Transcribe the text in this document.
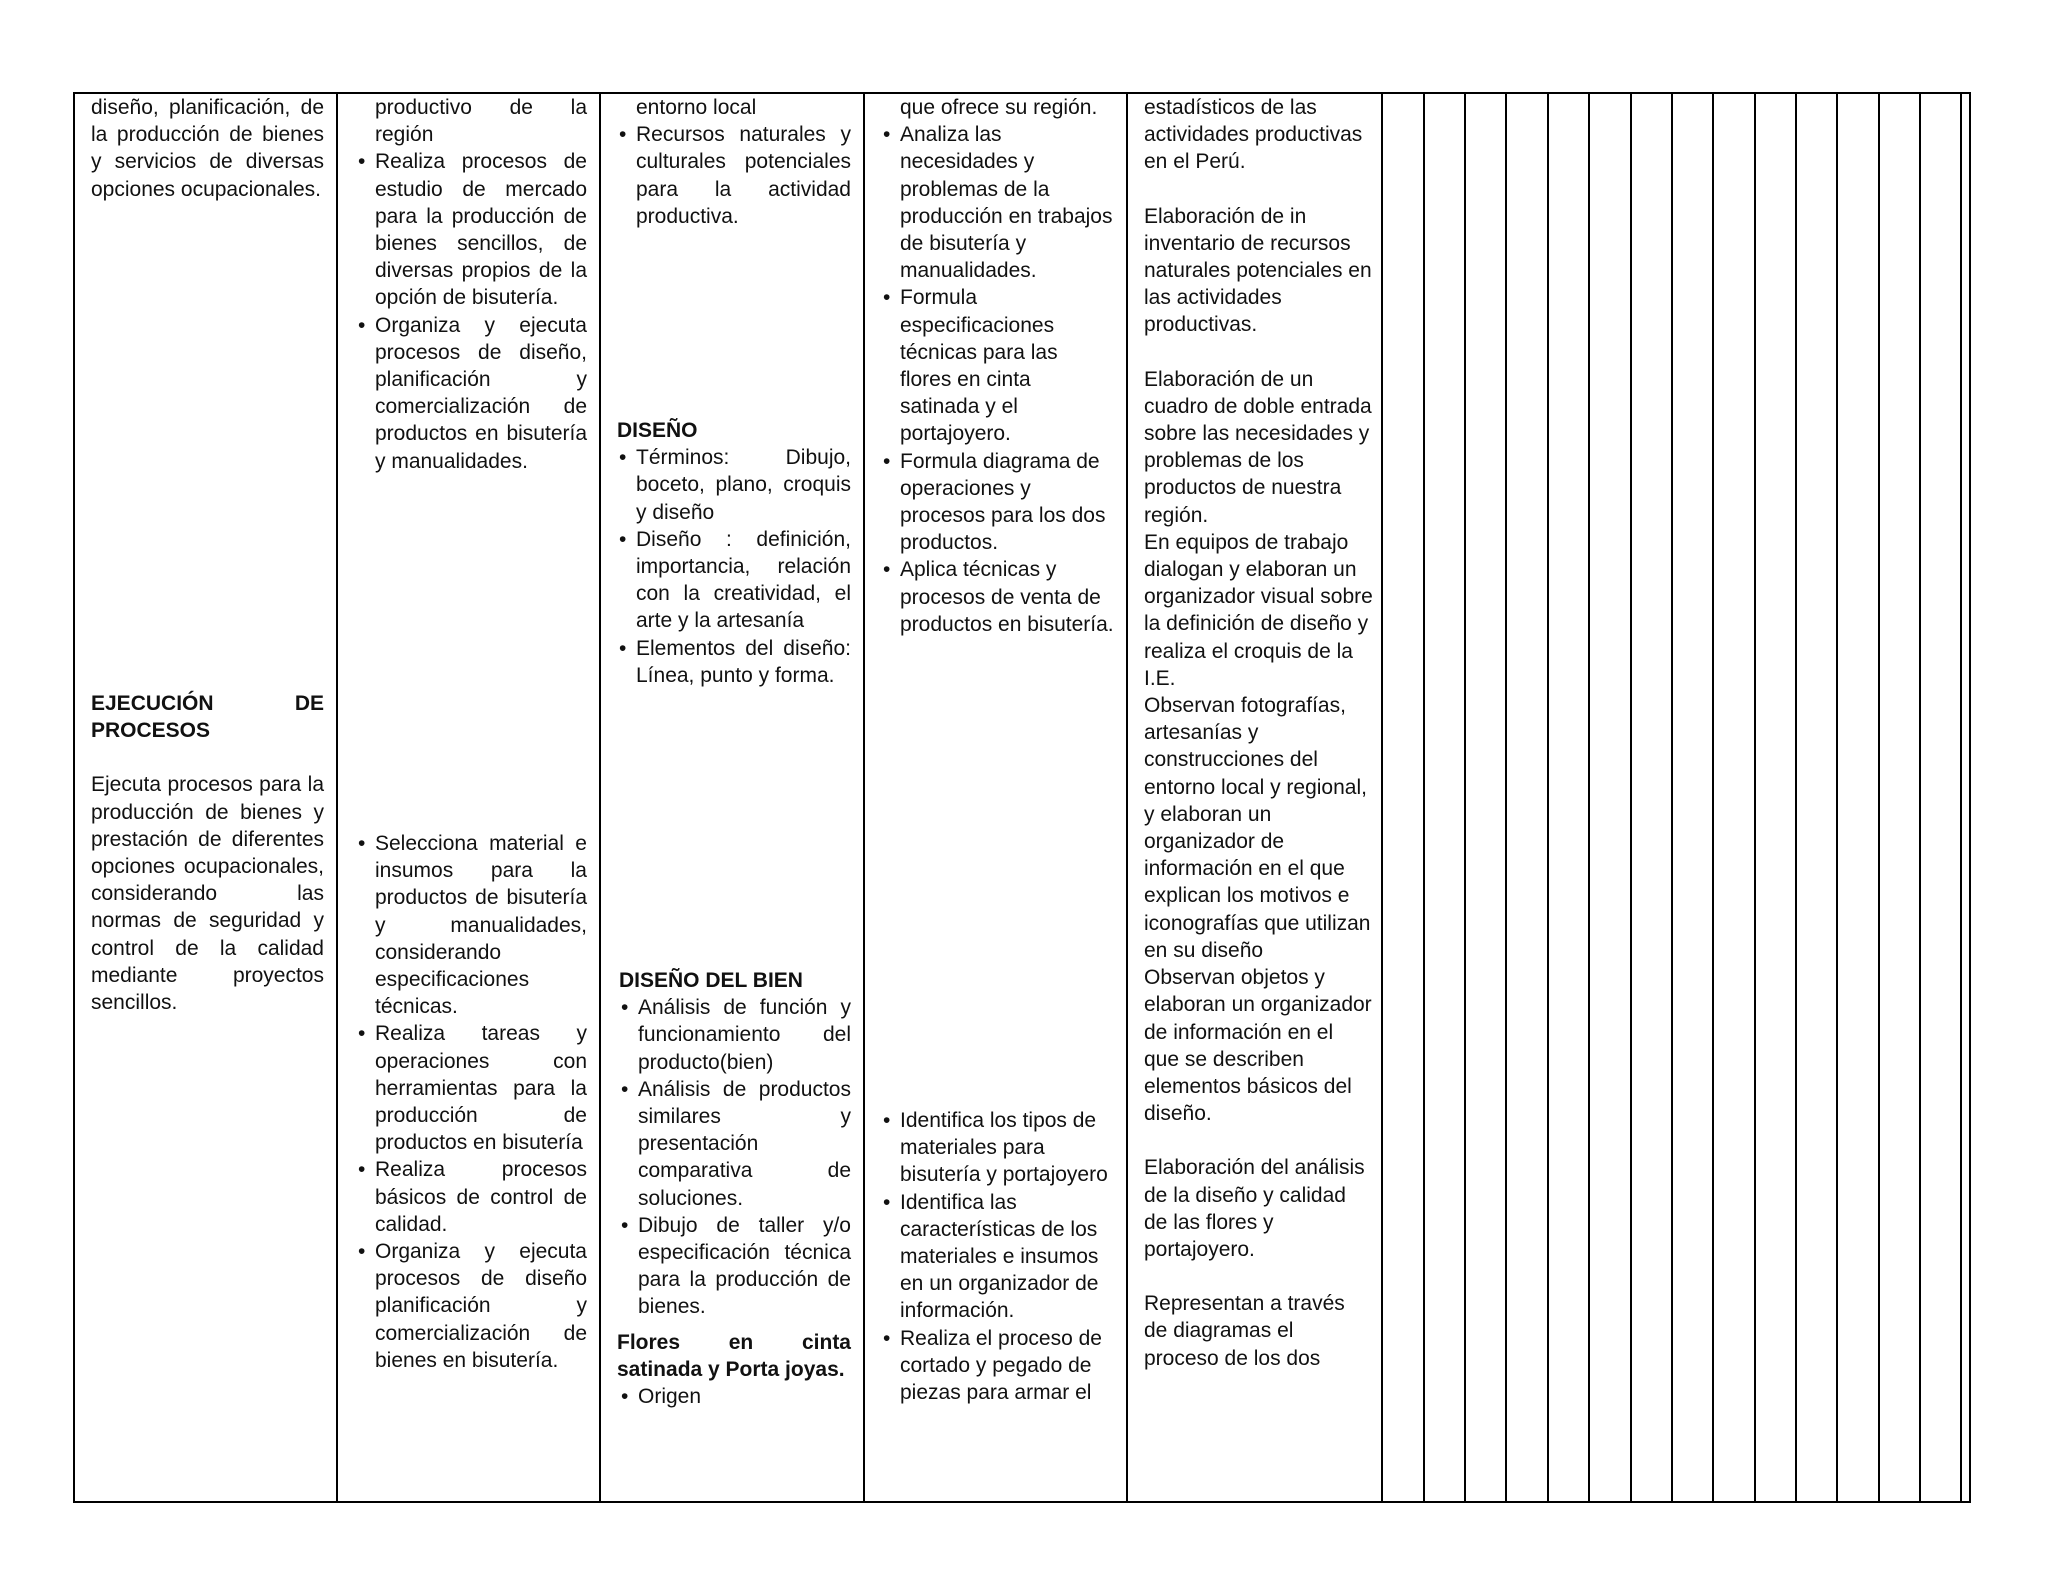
diseño, planificación, de la producción de bienes y servicios de diversas opciones ocupacionales.
EJECUCIÓN DE PROCESOS
Ejecuta procesos para la producción de bienes y prestación de diferentes opciones ocupacionales, considerando las normas de seguridad y control de la calidad mediante proyectos sencillos.
productivo de la región
• Realiza procesos de estudio de mercado para la producción de bienes sencillos, de diversas propios de la opción de bisutería.
• Organiza y ejecuta procesos de diseño, planificación y comercialización de productos en bisutería y manualidades.
• Selecciona material e insumos para la productos de bisutería y manualidades, considerando especificaciones técnicas.
• Realiza tareas y operaciones con herramientas para la producción de productos en bisutería
• Realiza procesos básicos de control de calidad.
• Organiza y ejecuta procesos de diseño planificación y comercialización de bienes en bisutería.
entorno local
• Recursos naturales y culturales potenciales para la actividad productiva.
DISEÑO
• Términos: Dibujo, boceto, plano, croquis y diseño
• Diseño : definición, importancia, relación con la creatividad, el arte y la artesanía
• Elementos del diseño: Línea, punto y forma.
DISEÑO DEL BIEN
• Análisis de función y funcionamiento del producto(bien)
• Análisis de productos similares y presentación comparativa de soluciones.
• Dibujo de taller y/o especificación técnica para la producción de bienes.
Flores en cinta satinada y Porta joyas.
• Origen
que ofrece su región.
• Analiza las necesidades y problemas de la producción en trabajos de bisutería y manualidades.
• Formula especificaciones técnicas para las flores en cinta satinada y el portajoyero.
• Formula diagrama de operaciones y procesos para los dos productos.
• Aplica técnicas y procesos de venta de productos en bisutería.
• Identifica los tipos de materiales para bisutería y portajoyero
• Identifica las características de los materiales e insumos en un organizador de información.
• Realiza el proceso de cortado y pegado de piezas para armar el
estadísticos de las actividades productivas en el Perú.
Elaboración de in inventario de recursos naturales potenciales en las actividades productivas.
Elaboración de un cuadro de doble entrada sobre las necesidades y problemas de los productos de nuestra región.
En equipos de trabajo dialogan y elaboran un organizador visual sobre la definición de diseño y realiza el croquis de la I.E.
Observan fotografías, artesanías y construcciones del entorno local y regional, y elaboran un organizador de información en el que explican los motivos e iconografías que utilizan en su diseño
Observan objetos y elaboran un organizador de información en el que se describen elementos básicos del diseño.
Elaboración del análisis de la diseño y calidad de las flores y portajoyero.
Representan a través de diagramas el proceso de los dos
